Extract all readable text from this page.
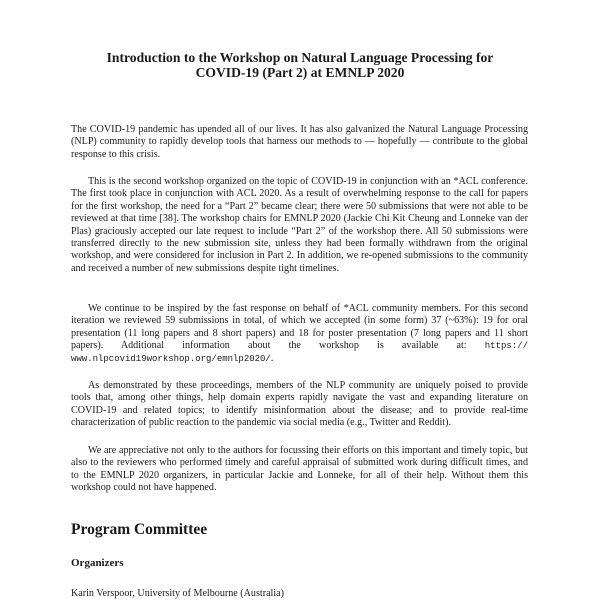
Introduction to the Workshop on Natural Language Processing for
COVID-19 (Part 2) at EMNLP 2020

The COVID-19 pandemic has upended all of our lives. It has also galvanized the Natural Language Processing (NLP) community to rapidly develop tools that harness our methods to — hopefully — contribute to the global response to this crisis.

This is the second workshop organized on the topic of COVID-19 in conjunction with an *ACL conference. The first took place in conjunction with ACL 2020. As a result of overwhelming response to the call for papers for the first workshop, the need for a “Part 2” became clear; there were 50 submissions that were not able to be reviewed at that time [38]. The workshop chairs for EMNLP 2020 (Jackie Chi Kit Cheung and Lonneke van der Plas) graciously accepted our late request to include “Part 2” of the workshop there. All 50 submissions were transferred directly to the new submission site, unless they had been formally withdrawn from the original workshop, and were considered for inclusion in Part 2. In addition, we re-opened submissions to the community and received a number of new submissions despite tight timelines.

We continue to be inspired by the fast response on behalf of *ACL community members. For this second iteration we reviewed 59 submissions in total, of which we accepted (in some form) 37 (~63%): 19 for oral presentation (11 long papers and 8 short papers) and 18 for poster presentation (7 long papers and 11 short papers). Additional information about the workshop is available at: https:// www.nlpcovid19workshop.org/emnlp2020/.

As demonstrated by these proceedings, members of the NLP community are uniquely poised to provide tools that, among other things, help domain experts rapidly navigate the vast and expanding literature on COVID-19 and related topics; to identify misinformation about the disease; and to provide real-time characterization of public reaction to the pandemic via social media (e.g., Twitter and Reddit).

We are appreciative not only to the authors for focussing their efforts on this important and timely topic, but also to the reviewers who performed timely and careful appraisal of submitted work during difficult times, and to the EMNLP 2020 organizers, in particular Jackie and Lonneke, for all of their help. Without them this workshop could not have happened.

Program Committee
Organizers

Karin Verspoor, University of Melbourne (Australia)
